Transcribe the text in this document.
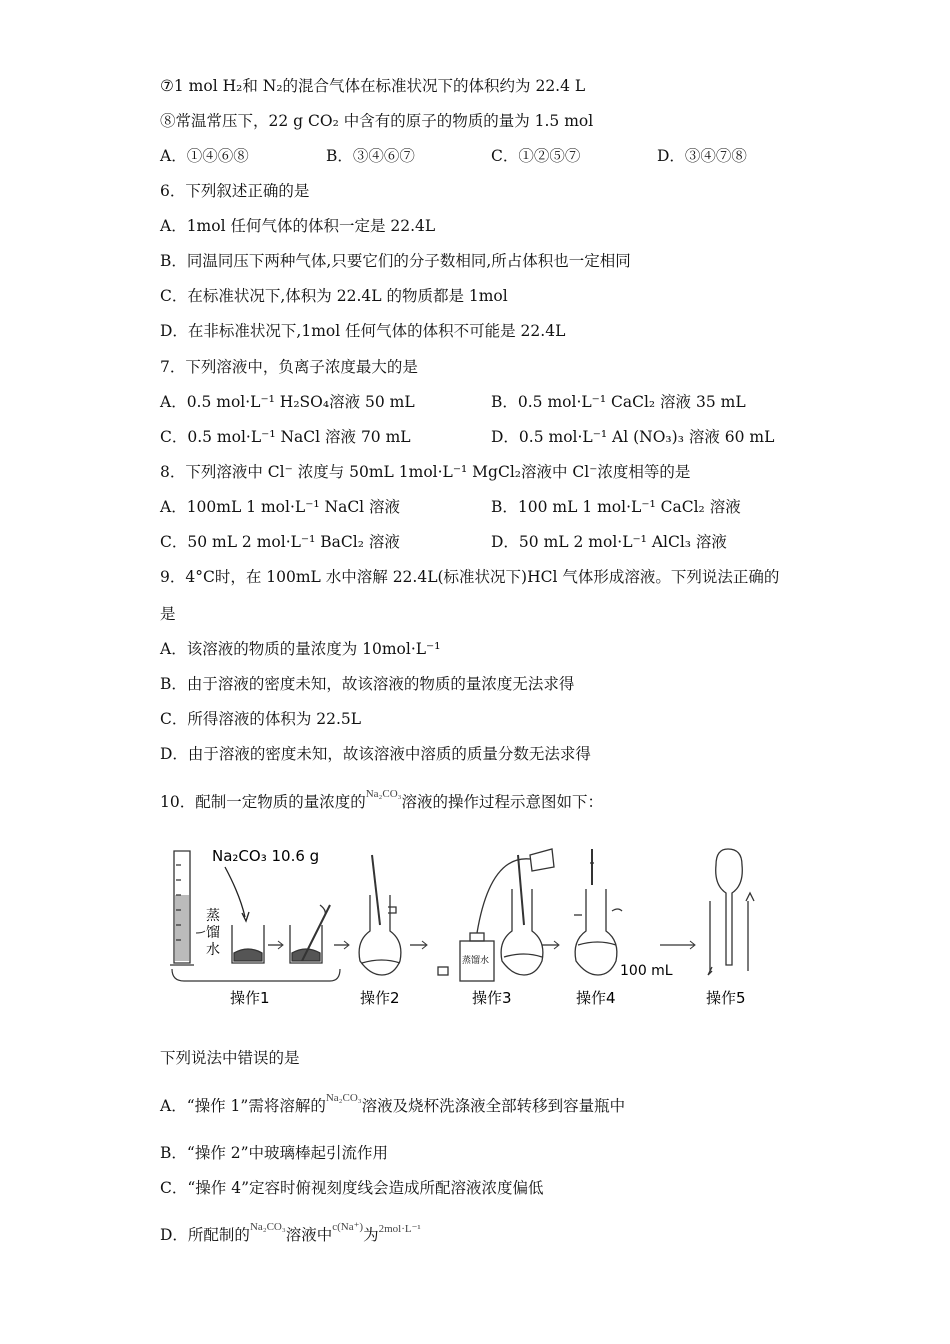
⑦1 mol H₂和 N₂的混合气体在标准状况下的体积约为 22.4 L
⑧常温常压下，22 g CO₂ 中含有的原子的物质的量为 1.5 mol
A．①④⑥⑧	B．③④⑥⑦	C．①②⑤⑦	D．③④⑦⑧
6．下列叙述正确的是
A．1mol 任何气体的体积一定是 22.4L
B．同温同压下两种气体,只要它们的分子数相同,所占体积也一定相同
C．在标准状况下,体积为 22.4L 的物质都是 1mol
D．在非标准状况下,1mol 任何气体的体积不可能是 22.4L
7．下列溶液中，负离子浓度最大的是
A．0.5 mol·L⁻¹ H₂SO₄溶液 50 mL	B．0.5 mol·L⁻¹ CaCl₂ 溶液 35 mL
C．0.5 mol·L⁻¹ NaCl 溶液 70 mL	D．0.5 mol·L⁻¹ Al (NO₃)₃ 溶液 60 mL
8．下列溶液中 Cl⁻ 浓度与 50mL 1mol·L⁻¹ MgCl₂溶液中 Cl⁻浓度相等的是
A．100mL 1 mol·L⁻¹ NaCl 溶液	B．100 mL 1 mol·L⁻¹ CaCl₂ 溶液
C．50 mL 2 mol·L⁻¹ BaCl₂ 溶液	D．50 mL 2 mol·L⁻¹ AlCl₃ 溶液
9．4°C时，在 100mL 水中溶解 22.4L(标准状况下)HCl 气体形成溶液。下列说法正确的
是
A．该溶液的物质的量浓度为 10mol·L⁻¹
B．由于溶液的密度未知，故该溶液的物质的量浓度无法求得
C．所得溶液的体积为 22.5L
D．由于溶液的密度未知，故该溶液中溶质的质量分数无法求得
10．配制一定物质的量浓度的Na₂CO₃溶液的操作过程示意图如下：
Na₂CO₃ 10.6 g
蒸
馏
水
操作1	操作2
蒸馏水
操作3
100 mL
操作4	操作5
下列说法中错误的是
A．“操作 1”需将溶解的Na₂CO₃溶液及烧杯洗涤液全部转移到容量瓶中
B．“操作 2”中玻璃棒起引流作用
C．“操作 4”定容时俯视刻度线会造成所配溶液浓度偏低
D．所配制的Na₂CO₃溶液中c(Na⁺)为2mol·L⁻¹
